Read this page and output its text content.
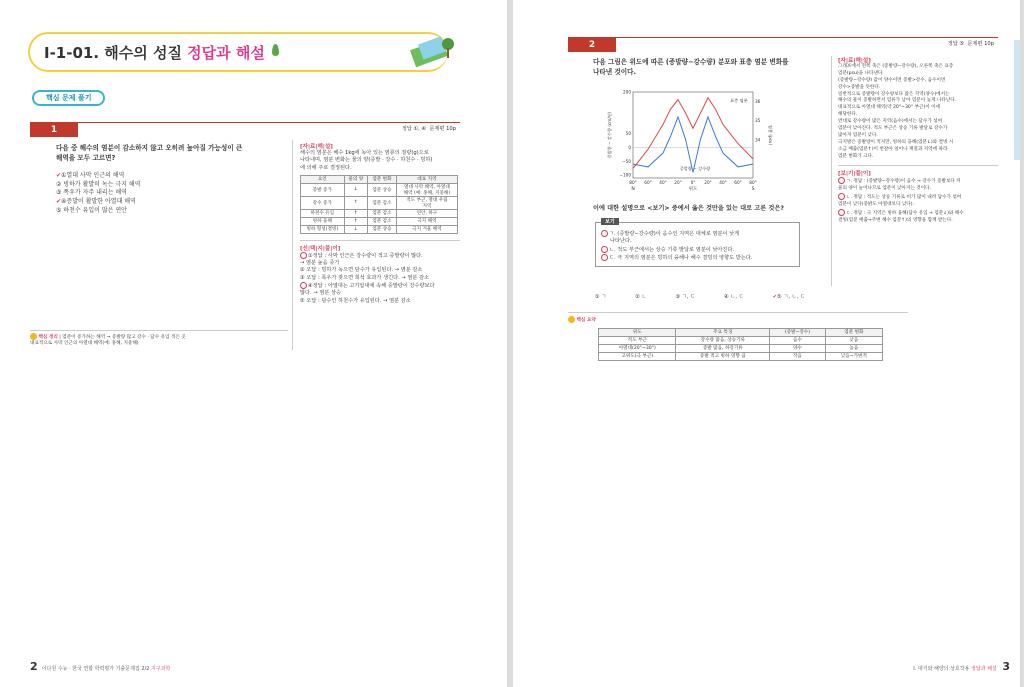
Ⅰ-1-01. 해수의 성질 정답과 해설
핵심 문제 풀기
1	정답 ①, ④ 문제편 10p
다음 중 해수의 염분이 감소하지 않고 오히려 높아질 가능성이 큰
해역을 모두 고르면?
✔①열대 사막 인근의 해역
② 빙하가 활발히 녹는 극지 해역
③ 폭우가 자주 내리는 해역
✔④증발이 활발한 아열대 해역
⑤ 하천수 유입이 많은 연안
[자|료|해|설]
해수의 염분은 해수 1kg에 녹아 있는 염류의 질량(g)으로
나타내며, 염분 변화는 물의 양(증발 · 강수 · 하천수 · 빙하)
에 의해 주로 결정된다.
요인	물의 양	염분 변화	대표 지역
증발 증가	↓	염분 상승	열대 사막 해역, 아열대
해역 (예: 홍해, 지중해)
강수 증가	↑	염분 감소	적도 부근, 열대 우림
지역
하천수 유입	↑	염분 감소	연안, 하구
빙하 융해	↑	염분 감소	극지 해역
빙하 형성(결빙)	↓	염분 상승	극지 겨울 해역
[선|택|지|풀|이]
①정답 : 사막 인근은 강수량이 적고 증발량이 많다.
→ 염분 높음 증가
② 오답 : 빙하가 녹으면 담수가 유입된다. → 염분 감소
③ 오답 : 폭우가 잦으면 희석 효과가 생긴다. → 염분 감소
④정답 : 아열대는 고기압대에 속해 증발량이 강수량보다
많다. → 염분 상승
⑤ 오답 : 담수인 하천수가 유입된다. → 염분 감소
핵심 정리 | 염분이 증가하는 해역 → 증발량 많고 강수 · 담수 유입 적은 곳
대표적으로 사막 인근의 아열대 해역(예: 홍해, 지중해)
2 이다원 수능 · 한국 연합 학력평가 기출문제집 2/2 지구과학
2	정답 ⑤ 문제편 10p
다음 그림은 위도에 따른 (증발량−강수량) 분포와 표층 염분 변화를
나타낸 것이다.
80° 60° 40° 20° 0° 20° 40° 60° 80°
N	S
위도
200
50
0
−50
−100
36
35
34
증발량 − 강수량 (cm/년)	염분 (psu)
표층 염분
증발량 − 강수량
이에 대한 설명으로 <보기> 중에서 옳은 것만을 있는 대로 고른 것은?
보기
ㄱ. (증발량−강수량)이 음수인 지역은 대체로 염분이 낮게
나타난다.
ㄴ. 적도 부근에서는 상승 기류 발달로 염분이 낮아진다.
ㄷ. 극 지역의 염분은 빙하의 융해나 해수 결빙의 영향도 받는다.
① ㄱ	② ㄴ	③ ㄱ, ㄷ	④ ㄴ, ㄷ	✔⑤ ㄱ, ㄴ, ㄷ
[자|료|해|설]
그래프에서 왼쪽 축은 (증발량−강수량), 오른쪽 축은 표층
염분(psu)을 나타낸다.
(증발량−강수량) 값이 양수이면 증발>강수, 음수이면
강수>증발을 뜻한다.
일반적으로 증발량이 강수량보다 많은 지역(양수)에서는
해수의 물이 증발하면서 염류가 남아 염분이 높게 나타난다.
대표적으로 아열대 해역(약 20°~30° 부근)이 이에
해당한다.
반대로 강수량이 많은 지역(음수)에서는 담수가 섞여
염분이 낮아진다. 적도 부근은 상승 기류 발달로 강수가
많아져 염분이 낮다.
극지방은 증발량이 적지만, 빙하의 융해(염분↓)와 결빙 시
소금 배출(염분↑)이 번갈아 일어나 계절과 지역에 따라
염분 변화가 크다.
[보|기|풀|이]
ㄱ. 정답 : (증발량−강수량)이 음수 → 강수가 증발보다 커
물의 양이 늘어나므로 염분이 낮아지는 것이다.
ㄴ. 정답 : 적도는 상승 기류로 비가 많이 내려 담수가 섞여
염분이 낮다(증밝도 아열대보다 낮다).
ㄷ. 정답 : 극 지역은 빙하 융해(담수 유입 → 염분↓)와 해수
결빙(염분 배출→주변 해수 염분↑)의 영향을 함께 받는다.
핵심 요약
위도	주요 특징	(증발−강수)	염분 변화
적도 부근	강수량 많음, 상승기류	음수	낮음
아열대(20°~30°)	증발 많음, 하강기류	양수	높음
고위도(극 부근)	증발 적고 빙하 영향 큼	작음	낮음~가변적
Ⅰ. 대기와 해양의 상호작용 정답과 해설 3
